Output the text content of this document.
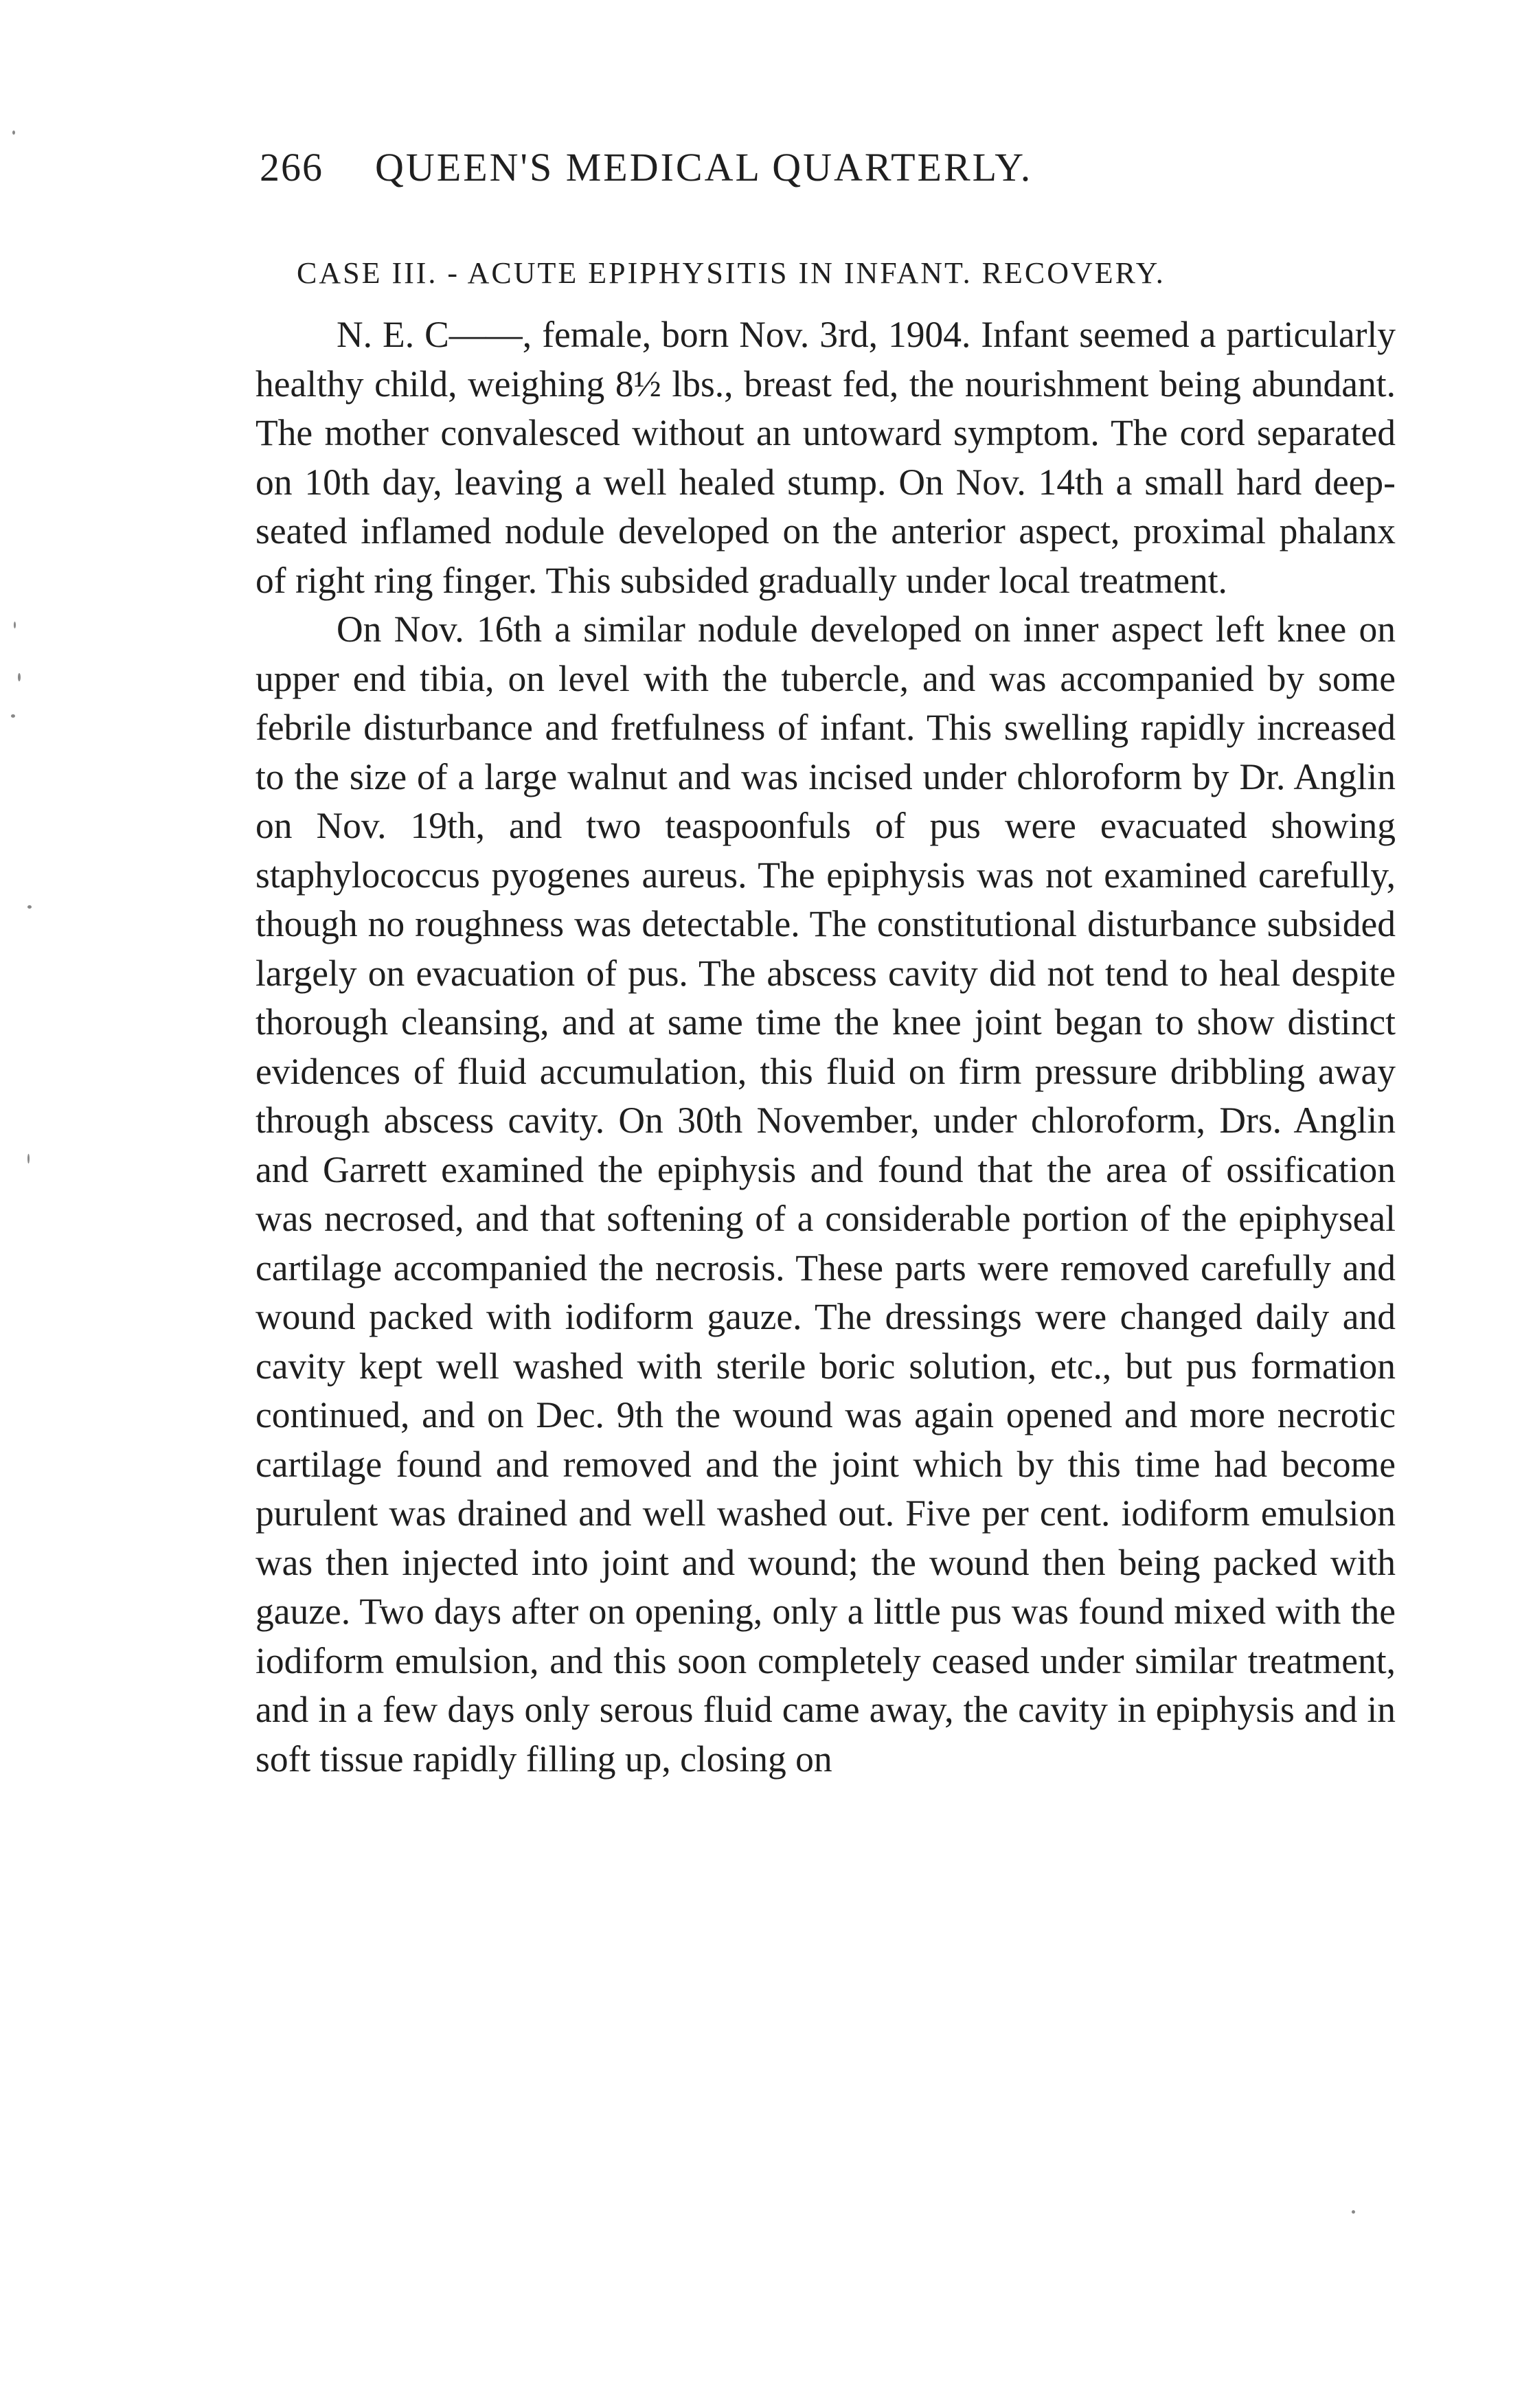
266 QUEEN'S MEDICAL QUARTERLY.
CASE III. - ACUTE EPIPHYSITIS IN INFANT. RECOVERY.

N. E. C——, female, born Nov. 3rd, 1904. Infant seemed a particularly healthy child, weighing 8½ lbs., breast fed, the nourishment being abundant. The mother convalesced without an untoward symptom. The cord separated on 10th day, leaving a well healed stump. On Nov. 14th a small hard deep-seated inflamed nodule developed on the anterior aspect, proximal phalanx of right ring finger. This subsided gradually under local treatment.

On Nov. 16th a similar nodule developed on inner aspect left knee on upper end tibia, on level with the tubercle, and was accompanied by some febrile disturbance and fretfulness of infant. This swelling rapidly increased to the size of a large walnut and was incised under chloroform by Dr. Anglin on Nov. 19th, and two teaspoonfuls of pus were evacuated showing staphylococcus pyogenes aureus. The epiphysis was not examined carefully, though no roughness was detectable. The constitutional disturbance subsided largely on evacuation of pus. The abscess cavity did not tend to heal despite thorough cleansing, and at same time the knee joint began to show distinct evidences of fluid accumulation, this fluid on firm pressure dribbling away through abscess cavity. On 30th November, under chloroform, Drs. Anglin and Garrett examined the epiphysis and found that the area of ossification was necrosed, and that softening of a considerable portion of the epiphyseal cartilage accompanied the necrosis. These parts were removed carefully and wound packed with iodiform gauze. The dressings were changed daily and cavity kept well washed with sterile boric solution, etc., but pus formation continued, and on Dec. 9th the wound was again opened and more necrotic cartilage found and removed and the joint which by this time had become purulent was drained and well washed out. Five per cent. iodiform emulsion was then injected into joint and wound; the wound then being packed with gauze. Two days after on opening, only a little pus was found mixed with the iodiform emulsion, and this soon completely ceased under similar treatment, and in a few days only serous fluid came away, the cavity in epiphysis and in soft tissue rapidly filling up, closing on
